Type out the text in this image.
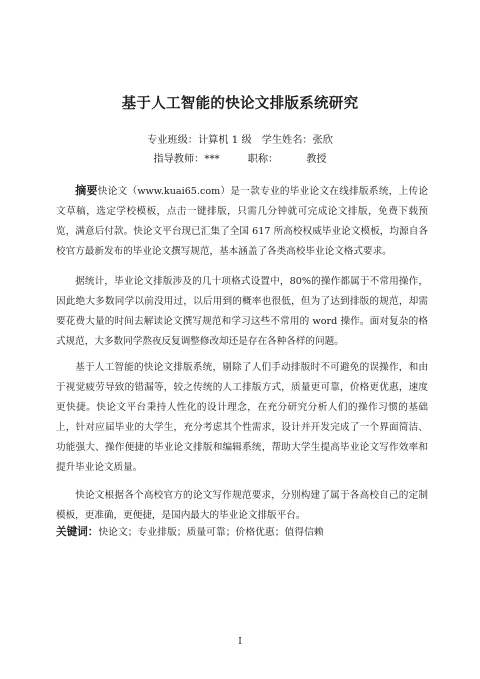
基于人工智能的快论文排版系统研究
专业班级：计算机 1 级 学生姓名：张欣
指导教师：***	职称：	教授

摘要快论文（www.kuai65.com）是一款专业的毕业论文在线排版系统，上传论文草稿，选定学校模板，点击一键排版，只需几分钟就可完成论文排版，免费下载预览，满意后付款。快论文平台现已汇集了全国 617 所高校权威毕业论文模板，均源自各校官方最新发布的毕业论文撰写规范，基本涵盖了各类高校毕业论文格式要求。

据统计，毕业论文排版涉及的几十项格式设置中，80%的操作都属于不常用操作，因此绝大多数同学以前没用过，以后用到的概率也很低，但为了达到排版的规范，却需要花费大量的时间去解读论文撰写规范和学习这些不常用的 word 操作。面对复杂的格式规范，大多数同学熬夜反复调整修改却还是存在各种各样的问题。

基于人工智能的快论文排版系统，剔除了人们手动排版时不可避免的误操作，和由于视觉疲劳导致的错漏等，较之传统的人工排版方式，质量更可靠，价格更优惠，速度更快捷。快论文平台秉持人性化的设计理念，在充分研究分析人们的操作习惯的基础上，针对应届毕业的大学生，充分考虑其个性需求，设计并开发完成了一个界面简洁、功能强大、操作便捷的毕业论文排版和编辑系统，帮助大学生提高毕业论文写作效率和提升毕业论文质量。

快论文根据各个高校官方的论文写作规范要求，分别构建了属于各高校自己的定制模板，更准确，更便捷，是国内最大的毕业论文排版平台。

关键词：快论文；专业排版；质量可靠；价格优惠；值得信赖
I
